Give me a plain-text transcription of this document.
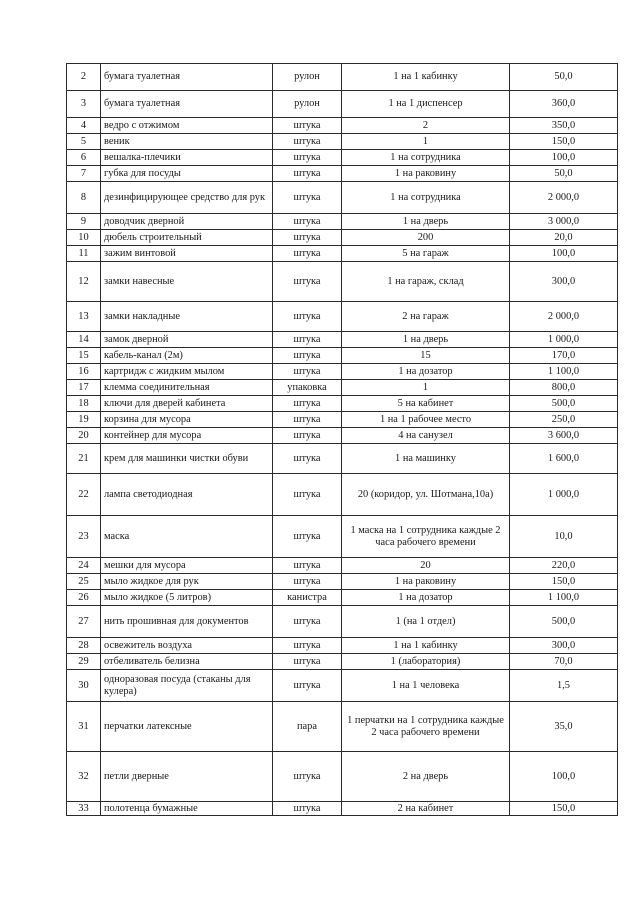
2	бумага туалетная	рулон	1 на 1 кабинку	50,0
3	бумага туалетная	рулон	1 на 1 диспенсер	360,0
4	ведро с отжимом	штука	2	350,0
5	веник	штука	1	150,0
6	вешалка-плечики	штука	1 на сотрудника	100,0
7	губка для посуды	штука	1 на раковину	50,0
8	дезинфицирующее средство для рук	штука	1 на сотрудника	2 000,0
9	доводчик дверной	штука	1 на дверь	3 000,0
10	дюбель строительный	штука	200	20,0
11	зажим винтовой	штука	5 на гараж	100,0
12	замки навесные	штука	1 на гараж, склад	300,0
13	замки накладные	штука	2 на гараж	2 000,0
14	замок дверной	штука	1 на дверь	1 000,0
15	кабель-канал (2м)	штука	15	170,0
16	картридж с жидким мылом	штука	1 на дозатор	1 100,0
17	клемма соединительная	упаковка	1	800,0
18	ключи для дверей кабинета	штука	5 на кабинет	500,0
19	корзина для мусора	штука	1 на 1 рабочее место	250,0
20	контейнер для мусора	штука	4 на санузел	3 600,0
21	крем для машинки чистки обуви	штука	1 на машинку	1 600,0
22	лампа светодиодная	штука	20 (коридор, ул. Шотмана,10а)	1 000,0
23	маска	штука	1 маска на 1 сотрудника каждые 2 часа рабочего времени	10,0
24	мешки для мусора	штука	20	220,0
25	мыло жидкое для рук	штука	1 на раковину	150,0
26	мыло жидкое (5 литров)	канистра	1 на дозатор	1 100,0
27	нить прошивная для документов	штука	1 (на 1 отдел)	500,0
28	освежитель воздуха	штука	1 на 1 кабинку	300,0
29	отбеливатель белизна	штука	1 (лаборатория)	70,0
30	одноразовая посуда (стаканы для кулера)	штука	1 на 1 человека	1,5
31	перчатки латексные	пара	1 перчатки на 1 сотрудника каждые 2 часа рабочего времени	35,0
32	петли дверные	штука	2 на дверь	100,0
33	полотенца бумажные	штука	2 на кабинет	150,0
